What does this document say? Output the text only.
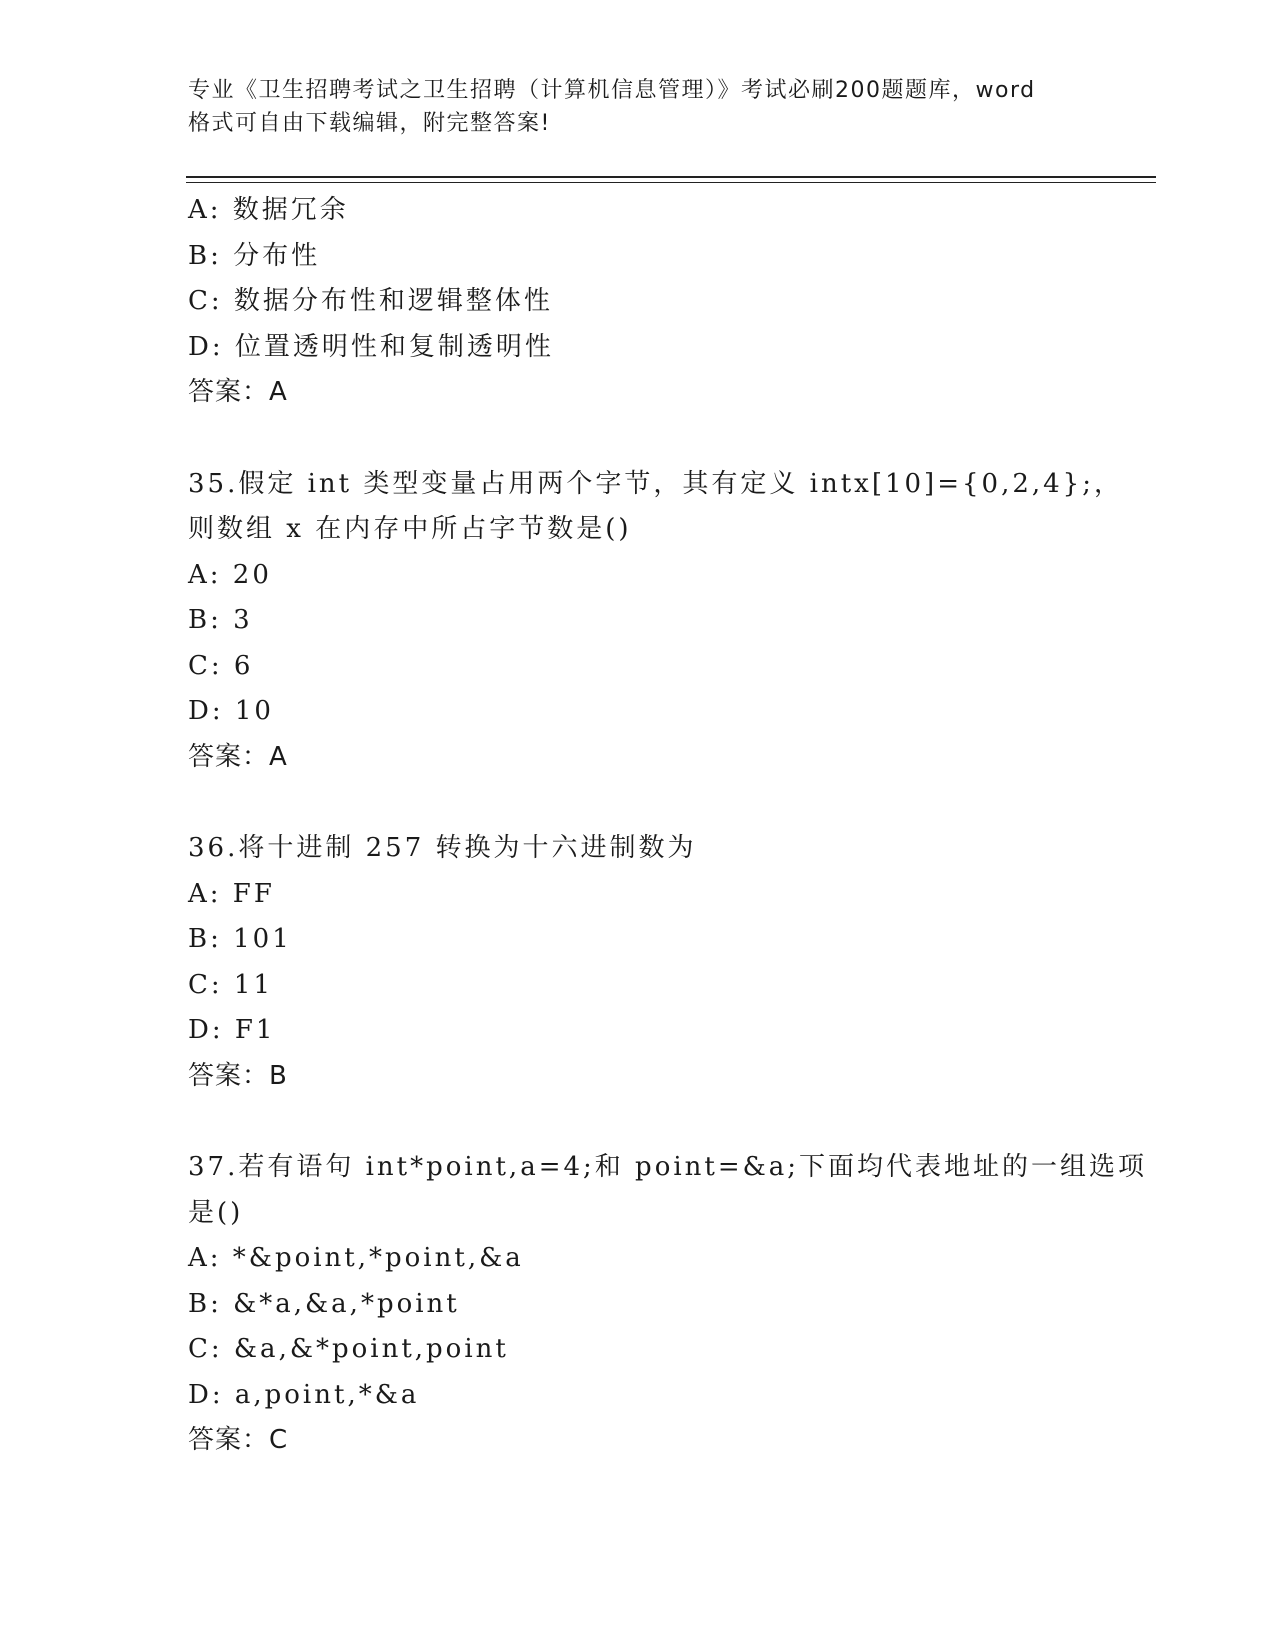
专业《卫生招聘考试之卫生招聘（计算机信息管理）》考试必刷200题题库，word
格式可自由下载编辑，附完整答案!
A: 数据冗余
B: 分布性
C: 数据分布性和逻辑整体性
D: 位置透明性和复制透明性
答案：A
35.假定 int 类型变量占用两个字节，其有定义 intx[10]={0,2,4};，
则数组 x 在内存中所占字节数是()
A: 20
B: 3
C: 6
D: 10
答案：A
36.将十进制 257 转换为十六进制数为
A: FF
B: 101
C: 11
D: F1
答案：B
37.若有语句 int*point,a=4;和 point=&a;下面均代表地址的一组选项
是()
A: *&point,*point,&a
B: &*a,&a,*point
C: &a,&*point,point
D: a,point,*&a
答案：C
